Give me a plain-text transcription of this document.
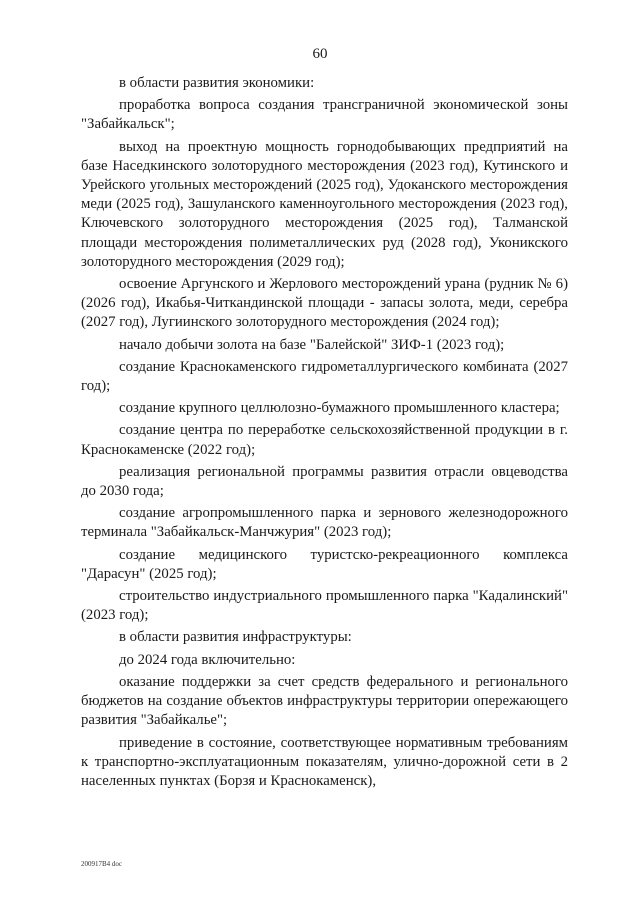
60

в области развития экономики:

проработка вопроса создания трансграничной экономической зоны "Забайкальск";

выход на проектную мощность горнодобывающих предприятий на базе Наседкинского золоторудного месторождения (2023 год), Кутинского и Урейского угольных месторождений (2025 год), Удоканского месторождения меди (2025 год), Зашуланского каменноугольного месторождения (2023 год), Ключевского золоторудного месторождения (2025 год), Талманской площади месторождения полиметаллических руд (2028 год), Уконикского золоторудного месторождения (2029 год);

освоение Аргунского и Жерлового месторождений урана (рудник № 6) (2026 год), Икабья-Читкандинской площади - запасы золота, меди, серебра (2027 год), Лугиинского золоторудного месторождения (2024 год);

начало добычи золота на базе "Балейской" ЗИФ-1 (2023 год);

создание Краснокаменского гидрометаллургического комбината (2027 год);

создание крупного целлюлозно-бумажного промышленного кластера;

создание центра по переработке сельскохозяйственной продукции в г. Краснокаменске (2022 год);

реализация региональной программы развития отрасли овцеводства до 2030 года;

создание агропромышленного парка и зернового железнодорожного терминала "Забайкальск-Манчжурия" (2023 год);

создание медицинского туристско-рекреационного комплекса "Дарасун" (2025 год);

строительство индустриального промышленного парка "Кадалинский" (2023 год);

в области развития инфраструктуры:

до 2024 года включительно:

оказание поддержки за счет средств федерального и регионального бюджетов на создание объектов инфраструктуры территории опережающего развития "Забайкалье";

приведение в состояние, соответствующее нормативным требованиям к транспортно-эксплуатационным показателям, улично-дорожной сети в 2 населенных пунктах (Борзя и Краснокаменск),

200917В4 doc
